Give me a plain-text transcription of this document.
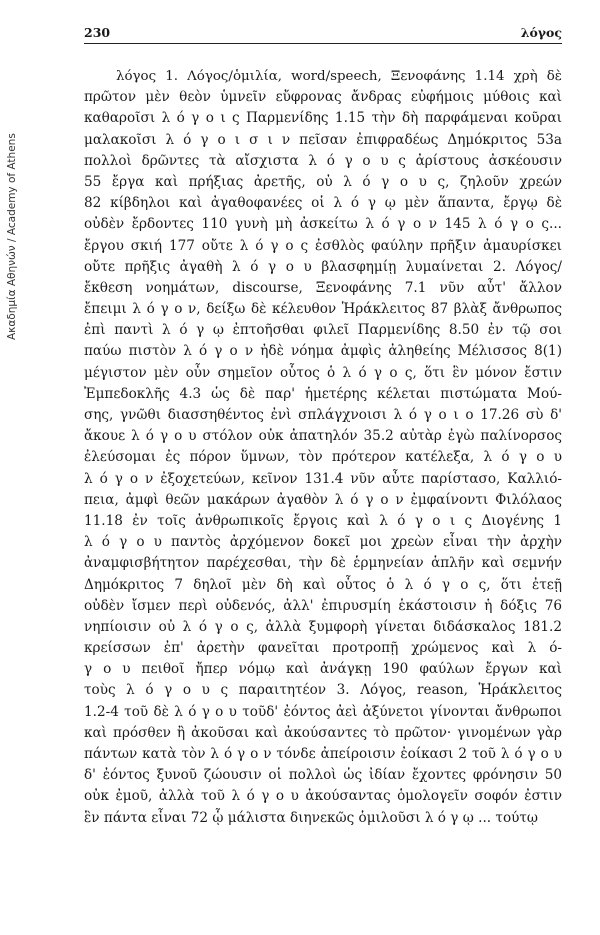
Ακαδημία Αθηνών / Academy of Athens
230	λόγος
λόγος 1. Λόγος/ὁμιλία, word/speech, Ξενοφάνης 1.14 χρὴ δὲ
πρῶτον μὲν θεὸν ὑμνεῖν εὔφρονας ἄνδρας εὐφήμοις μύθοις καὶ
καθαροῖσι λ ό γ ο ι ς Παρμενίδης 1.15 τὴν δὴ παρφάμεναι κοῦραι
μαλακοῖσι λ ό γ ο ι σ ι ν πεῖσαν ἐπιφραδέως Δημόκριτος 53a
πολλοὶ δρῶντες τὰ αἴσχιστα λ ό γ ο υ ς ἀρίστους ἀσκέουσιν
55 ἔργα καὶ πρήξιας ἀρετῆς, οὐ λ ό γ ο υ ς, ζηλοῦν χρεών
82 κίβδηλοι καὶ ἀγαθοφανέες οἱ λ ό γ ῳ μὲν ἅπαντα, ἔργῳ δὲ
οὐδὲν ἔρδοντες 110 γυνὴ μὴ ἀσκείτω λ ό γ ο ν 145 λ ό γ ο ς...
ἔργου σκιή 177 οὔτε λ ό γ ο ς ἐσθλὸς φαύλην πρῆξιν ἀμαυρίσκει
οὔτε πρῆξις ἀγαθὴ λ ό γ ο υ βλασφημίῃ λυμαίνεται 2. Λόγος/
ἔκθεση νοημάτων, discourse, Ξενοφάνης 7.1 νῦν αὖτ' ἄλλον
ἔπειμι λ ό γ ο ν, δείξω δὲ κέλευθον Ἡράκλειτος 87 βλὰξ ἄνθρωπος
ἐπὶ παντὶ λ ό γ ῳ ἐπτοῆσθαι φιλεῖ Παρμενίδης 8.50 ἐν τῷ σοι
παύω πιστὸν λ ό γ ο ν ἠδὲ νόημα ἀμφὶς ἀληθείης Μέλισσος 8(1)
μέγιστον μὲν οὖν σημεῖον οὗτος ὁ λ ό γ ο ς, ὅτι ἓν μόνον ἔστιν
Ἐμπεδοκλῆς 4.3 ὡς δὲ παρ' ἡμετέρης κέλεται πιστώματα Μού-
σης, γνῶθι διασσηθέντος ἐνὶ σπλάγχνοισι λ ό γ ο ι ο 17.26 σὺ δ'
ἄκουε λ ό γ ο υ στόλον οὐκ ἀπατηλόν 35.2 αὐτὰρ ἐγὼ παλίνορσος
ἐλεύσομαι ἐς πόρον ὕμνων, τὸν πρότερον κατέλεξα, λ ό γ ο υ
λ ό γ ο ν ἐξοχετεύων, κεῖνον 131.4 νῦν αὖτε παρίστασο, Καλλιό-
πεια, ἀμφὶ θεῶν μακάρων ἀγαθὸν λ ό γ ο ν ἐμφαίνοντι Φιλόλαος
11.18 ἐν τοῖς ἀνθρωπικοῖς ἔργοις καὶ λ ό γ ο ι ς Διογένης 1
λ ό γ ο υ παντὸς ἀρχόμενον δοκεῖ μοι χρεὼν εἶναι τὴν ἀρχὴν
ἀναμφισβήτητον παρέχεσθαι, τὴν δὲ ἑρμηνείαν ἁπλῆν καὶ σεμνήν
Δημόκριτος 7 δηλοῖ μὲν δὴ καὶ οὗτος ὁ λ ό γ ο ς, ὅτι ἐτεῇ
οὐδὲν ἴσμεν περὶ οὐδενός, ἀλλ' ἐπιρυσμίη ἑκάστοισιν ἡ δόξις 76
νηπίοισιν οὐ λ ό γ ο ς, ἀλλὰ ξυμφορὴ γίνεται διδάσκαλος 181.2
κρείσσων ἐπ' ἀρετὴν φανεῖται προτροπῇ χρώμενος καὶ λ ό-
γ ο υ πειθοῖ ἤπερ νόμῳ καὶ ἀνάγκῃ 190 φαύλων ἔργων καὶ
τοὺς λ ό γ ο υ ς παραιτητέον 3. Λόγος, reason, Ἡράκλειτος
1.2-4 τοῦ δὲ λ ό γ ο υ τοῦδ' ἐόντος ἀεὶ ἀξύνετοι γίνονται ἄνθρωποι
καὶ πρόσθεν ἢ ἀκοῦσαι καὶ ἀκούσαντες τὸ πρῶτον· γινομένων γὰρ
πάντων κατὰ τὸν λ ό γ ο ν τόνδε ἀπείροισιν ἐοίκασι 2 τοῦ λ ό γ ο υ
δ' ἐόντος ξυνοῦ ζώουσιν οἱ πολλοὶ ὡς ἰδίαν ἔχοντες φρόνησιν 50
οὐκ ἐμοῦ, ἀλλὰ τοῦ λ ό γ ο υ ἀκούσαντας ὁμολογεῖν σοφόν ἐστιν
ἓν πάντα εἶναι 72 ᾧ μάλιστα διηνεκῶς ὁμιλοῦσι λ ό γ ῳ ... τούτῳ
